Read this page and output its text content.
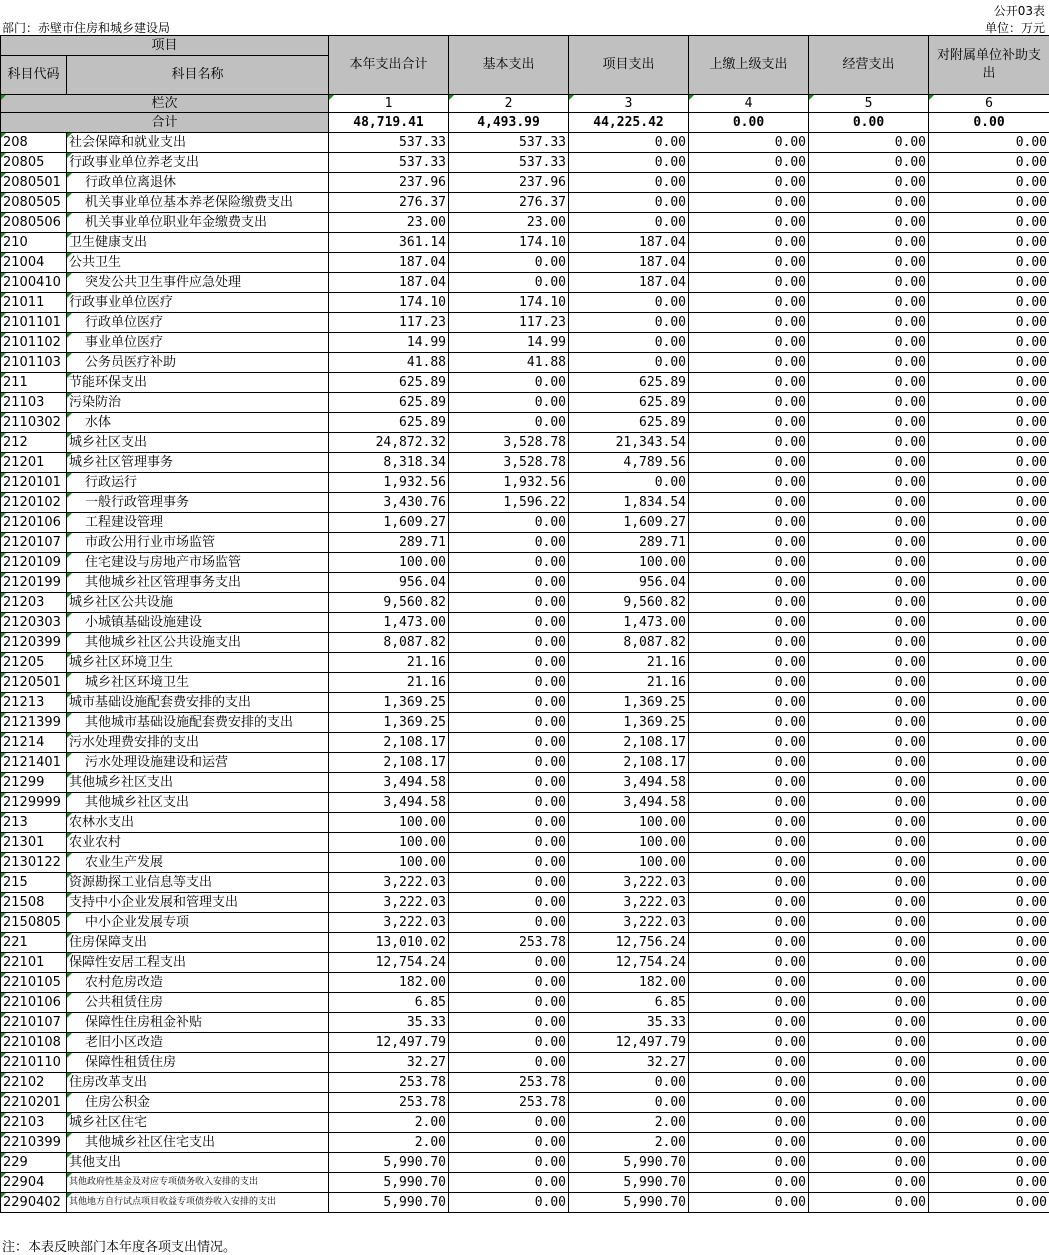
公开03表
部门：赤壁市住房和城乡建设局	单位：万元
项目		本年支出合计	基本支出	项目支出	上缴上级支出	经营支出	对附属单位补助支出
科目代码	科目名称						
栏次		1	2	3	4	5	6
合计		48,719.41	4,493.99	44,225.42	0.00	0.00	0.00
208	社会保障和就业支出	537.33	537.33	0.00	0.00	0.00	0.00
20805	行政事业单位养老支出	537.33	537.33	0.00	0.00	0.00	0.00
2080501	行政单位离退休	237.96	237.96	0.00	0.00	0.00	0.00
2080505	机关事业单位基本养老保险缴费支出	276.37	276.37	0.00	0.00	0.00	0.00
2080506	机关事业单位职业年金缴费支出	23.00	23.00	0.00	0.00	0.00	0.00
210	卫生健康支出	361.14	174.10	187.04	0.00	0.00	0.00
21004	公共卫生	187.04	0.00	187.04	0.00	0.00	0.00
2100410	突发公共卫生事件应急处理	187.04	0.00	187.04	0.00	0.00	0.00
21011	行政事业单位医疗	174.10	174.10	0.00	0.00	0.00	0.00
2101101	行政单位医疗	117.23	117.23	0.00	0.00	0.00	0.00
2101102	事业单位医疗	14.99	14.99	0.00	0.00	0.00	0.00
2101103	公务员医疗补助	41.88	41.88	0.00	0.00	0.00	0.00
211	节能环保支出	625.89	0.00	625.89	0.00	0.00	0.00
21103	污染防治	625.89	0.00	625.89	0.00	0.00	0.00
2110302	水体	625.89	0.00	625.89	0.00	0.00	0.00
212	城乡社区支出	24,872.32	3,528.78	21,343.54	0.00	0.00	0.00
21201	城乡社区管理事务	8,318.34	3,528.78	4,789.56	0.00	0.00	0.00
2120101	行政运行	1,932.56	1,932.56	0.00	0.00	0.00	0.00
2120102	一般行政管理事务	3,430.76	1,596.22	1,834.54	0.00	0.00	0.00
2120106	工程建设管理	1,609.27	0.00	1,609.27	0.00	0.00	0.00
2120107	市政公用行业市场监管	289.71	0.00	289.71	0.00	0.00	0.00
2120109	住宅建设与房地产市场监管	100.00	0.00	100.00	0.00	0.00	0.00
2120199	其他城乡社区管理事务支出	956.04	0.00	956.04	0.00	0.00	0.00
21203	城乡社区公共设施	9,560.82	0.00	9,560.82	0.00	0.00	0.00
2120303	小城镇基础设施建设	1,473.00	0.00	1,473.00	0.00	0.00	0.00
2120399	其他城乡社区公共设施支出	8,087.82	0.00	8,087.82	0.00	0.00	0.00
21205	城乡社区环境卫生	21.16	0.00	21.16	0.00	0.00	0.00
2120501	城乡社区环境卫生	21.16	0.00	21.16	0.00	0.00	0.00
21213	城市基础设施配套费安排的支出	1,369.25	0.00	1,369.25	0.00	0.00	0.00
2121399	其他城市基础设施配套费安排的支出	1,369.25	0.00	1,369.25	0.00	0.00	0.00
21214	污水处理费安排的支出	2,108.17	0.00	2,108.17	0.00	0.00	0.00
2121401	污水处理设施建设和运营	2,108.17	0.00	2,108.17	0.00	0.00	0.00
21299	其他城乡社区支出	3,494.58	0.00	3,494.58	0.00	0.00	0.00
2129999	其他城乡社区支出	3,494.58	0.00	3,494.58	0.00	0.00	0.00
213	农林水支出	100.00	0.00	100.00	0.00	0.00	0.00
21301	农业农村	100.00	0.00	100.00	0.00	0.00	0.00
2130122	农业生产发展	100.00	0.00	100.00	0.00	0.00	0.00
215	资源勘探工业信息等支出	3,222.03	0.00	3,222.03	0.00	0.00	0.00
21508	支持中小企业发展和管理支出	3,222.03	0.00	3,222.03	0.00	0.00	0.00
2150805	中小企业发展专项	3,222.03	0.00	3,222.03	0.00	0.00	0.00
221	住房保障支出	13,010.02	253.78	12,756.24	0.00	0.00	0.00
22101	保障性安居工程支出	12,754.24	0.00	12,754.24	0.00	0.00	0.00
2210105	农村危房改造	182.00	0.00	182.00	0.00	0.00	0.00
2210106	公共租赁住房	6.85	0.00	6.85	0.00	0.00	0.00
2210107	保障性住房租金补贴	35.33	0.00	35.33	0.00	0.00	0.00
2210108	老旧小区改造	12,497.79	0.00	12,497.79	0.00	0.00	0.00
2210110	保障性租赁住房	32.27	0.00	32.27	0.00	0.00	0.00
22102	住房改革支出	253.78	253.78	0.00	0.00	0.00	0.00
2210201	住房公积金	253.78	253.78	0.00	0.00	0.00	0.00
22103	城乡社区住宅	2.00	0.00	2.00	0.00	0.00	0.00
2210399	其他城乡社区住宅支出	2.00	0.00	2.00	0.00	0.00	0.00
229	其他支出	5,990.70	0.00	5,990.70	0.00	0.00	0.00
22904	其他政府性基金及对应专项债务收入安排的支出	5,990.70	0.00	5,990.70	0.00	0.00	0.00
2290402	其他地方自行试点项目收益专项债券收入安排的支出	5,990.70	0.00	5,990.70	0.00	0.00	0.00
注：本表反映部门本年度各项支出情况。
